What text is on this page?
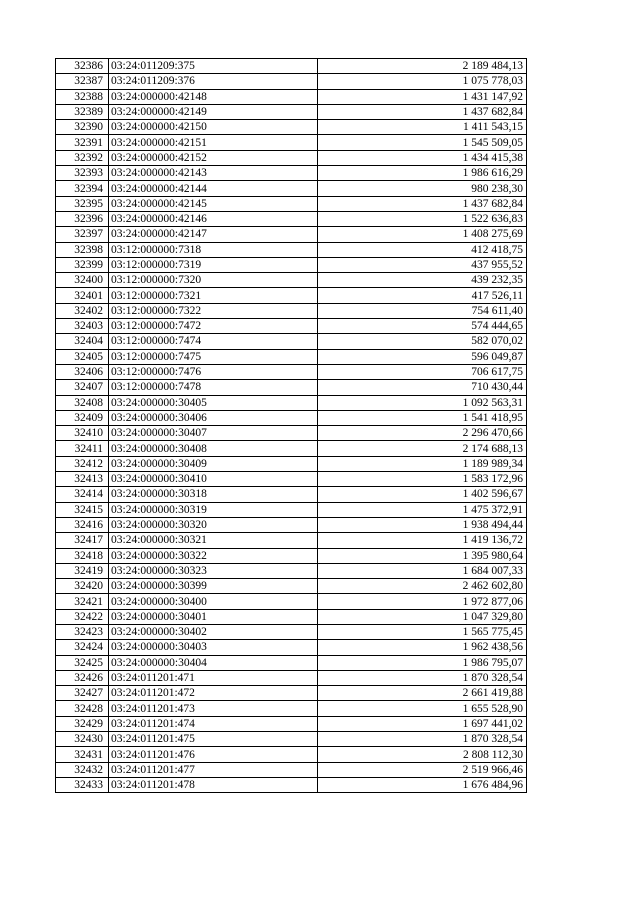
32386	03:24:011209:375	2 189 484,13
32387	03:24:011209:376	1 075 778,03
32388	03:24:000000:42148	1 431 147,92
32389	03:24:000000:42149	1 437 682,84
32390	03:24:000000:42150	1 411 543,15
32391	03:24:000000:42151	1 545 509,05
32392	03:24:000000:42152	1 434 415,38
32393	03:24:000000:42143	1 986 616,29
32394	03:24:000000:42144	980 238,30
32395	03:24:000000:42145	1 437 682,84
32396	03:24:000000:42146	1 522 636,83
32397	03:24:000000:42147	1 408 275,69
32398	03:12:000000:7318	412 418,75
32399	03:12:000000:7319	437 955,52
32400	03:12:000000:7320	439 232,35
32401	03:12:000000:7321	417 526,11
32402	03:12:000000:7322	754 611,40
32403	03:12:000000:7472	574 444,65
32404	03:12:000000:7474	582 070,02
32405	03:12:000000:7475	596 049,87
32406	03:12:000000:7476	706 617,75
32407	03:12:000000:7478	710 430,44
32408	03:24:000000:30405	1 092 563,31
32409	03:24:000000:30406	1 541 418,95
32410	03:24:000000:30407	2 296 470,66
32411	03:24:000000:30408	2 174 688,13
32412	03:24:000000:30409	1 189 989,34
32413	03:24:000000:30410	1 583 172,96
32414	03:24:000000:30318	1 402 596,67
32415	03:24:000000:30319	1 475 372,91
32416	03:24:000000:30320	1 938 494,44
32417	03:24:000000:30321	1 419 136,72
32418	03:24:000000:30322	1 395 980,64
32419	03:24:000000:30323	1 684 007,33
32420	03:24:000000:30399	2 462 602,80
32421	03:24:000000:30400	1 972 877,06
32422	03:24:000000:30401	1 047 329,80
32423	03:24:000000:30402	1 565 775,45
32424	03:24:000000:30403	1 962 438,56
32425	03:24:000000:30404	1 986 795,07
32426	03:24:011201:471	1 870 328,54
32427	03:24:011201:472	2 661 419,88
32428	03:24:011201:473	1 655 528,90
32429	03:24:011201:474	1 697 441,02
32430	03:24:011201:475	1 870 328,54
32431	03:24:011201:476	2 808 112,30
32432	03:24:011201:477	2 519 966,46
32433	03:24:011201:478	1 676 484,96
